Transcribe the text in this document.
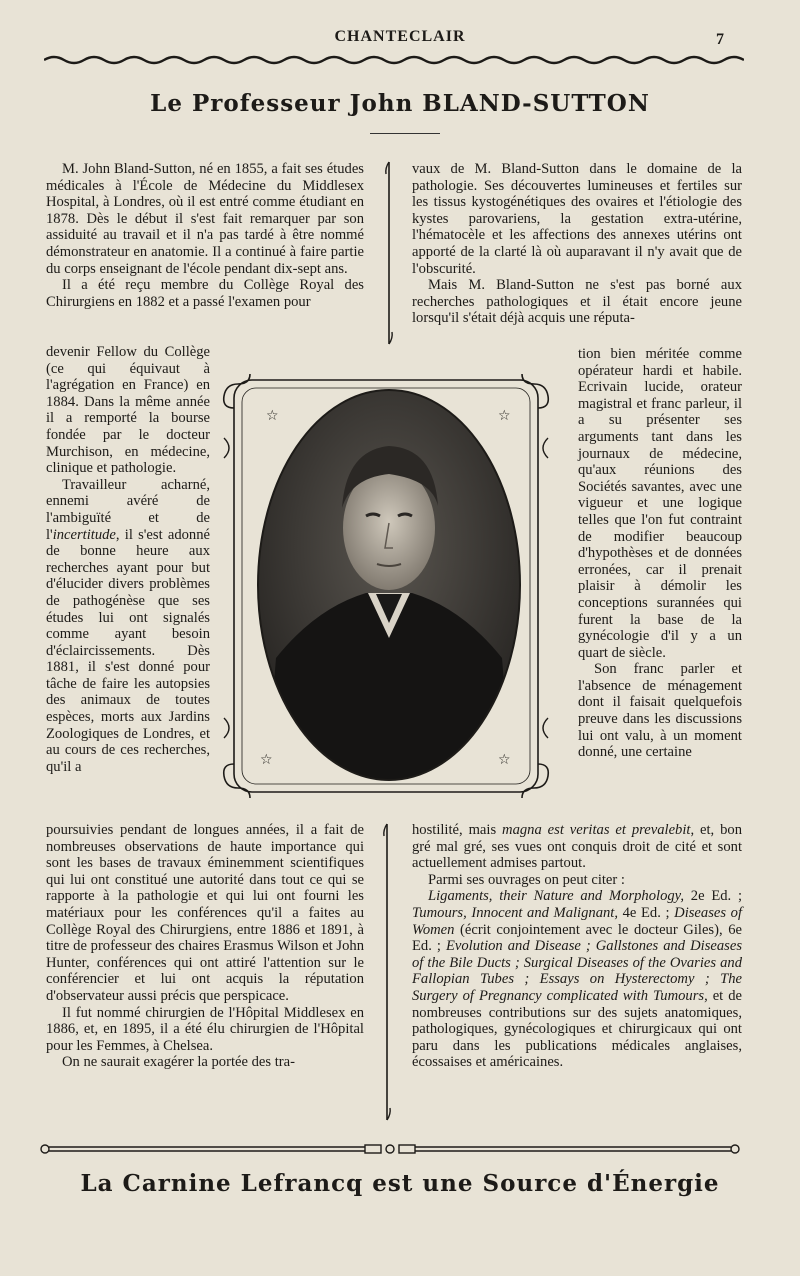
CHANTECLAIR	7
Le Professeur John BLAND-SUTTON

M. John Bland-Sutton, né en 1855, a fait ses études médicales à l'École de Médecine du Middlesex Hospital, à Londres, où il est entré comme étudiant en 1878. Dès le début il s'est fait remarquer par son assiduité au travail et il n'a pas tardé à être nommé démonstrateur en anatomie. Il a continué à faire partie du corps enseignant de l'école pendant dix-sept ans.

Il a été reçu membre du Collège Royal des Chirurgiens en 1882 et a passé l'examen pour

vaux de M. Bland-Sutton dans le domaine de la pathologie. Ses découvertes lumineuses et fertiles sur les tissus kystogénétiques des ovaires et l'étiologie des kystes parovariens, la gestation extra-utérine, l'hématocèle et les affections des annexes utérins ont apporté de la clarté là où auparavant il n'y avait que de l'obscurité.

Mais M. Bland-Sutton ne s'est pas borné aux recherches pathologiques et il était encore jeune lorsqu'il s'était déjà acquis une réputa-

devenir Fellow du Collège (ce qui équivaut à l'agrégation en France) en 1884. Dans la même année il a remporté la bourse fondée par le docteur Murchison, en médecine, clinique et pathologie.

Travailleur acharné, ennemi avéré de l'ambiguïté et de l'incertitude, il s'est adonné de bonne heure aux recherches ayant pour but d'élucider divers problèmes de pathogénèse que ses études lui ont signalés comme ayant besoin d'éclaircissements. Dès 1881, il s'est donné pour tâche de faire les autopsies des animaux de toutes espèces, morts aux Jardins Zoologiques de Londres, et au cours de ces recherches, qu'il a

tion bien méritée comme opérateur hardi et habile. Ecrivain lucide, orateur magistral et franc parleur, il a su présenter ses arguments tant dans les journaux de médecine, qu'aux réunions des Sociétés savantes, avec une vigueur et une logique telles que l'on fut contraint de modifier beaucoup d'hypothèses et de données erronées, car il prenait plaisir à démolir les conceptions surannées qui furent la base de la gynécologie d'il y a un quart de siècle.

Son franc parler et l'absence de ménagement dont il faisait quelquefois preuve dans les discussions lui ont valu, à un moment donné, une certaine

☆	☆
☆	☆

poursuivies pendant de longues années, il a fait de nombreuses observations de haute importance qui sont les bases de travaux éminemment scientifiques qui lui ont constitué une autorité dans tout ce qui se rapporte à la pathologie et qui lui ont fourni les matériaux pour les conférences qu'il a faites au Collège Royal des Chirurgiens, entre 1886 et 1891, à titre de professeur des chaires Erasmus Wilson et John Hunter, conférences qui ont attiré l'attention sur le conférencier et lui ont acquis la réputation d'observateur aussi précis que perspicace.

Il fut nommé chirurgien de l'Hôpital Middlesex en 1886, et, en 1895, il a été élu chirurgien de l'Hôpital pour les Femmes, à Chelsea.

On ne saurait exagérer la portée des tra-

hostilité, mais magna est veritas et prevalebit, et, bon gré mal gré, ses vues ont conquis droit de cité et sont actuellement admises partout.

Parmi ses ouvrages on peut citer :

Ligaments, their Nature and Morphology, 2e Ed. ; Tumours, Innocent and Malignant, 4e Ed. ; Diseases of Women (écrit conjointement avec le docteur Giles), 6e Ed. ; Evolution and Disease ; Gallstones and Diseases of the Bile Ducts ; Surgical Diseases of the Ovaries and Fallopian Tubes ; Essays on Hysterectomy ; The Surgery of Pregnancy complicated with Tumours, et de nombreuses contributions sur des sujets anatomiques, pathologiques, gynécologiques et chirurgicaux qui ont paru dans les publications médicales anglaises, écossaises et américaines.

La Carnine Lefrancq est une Source d'Énergie
